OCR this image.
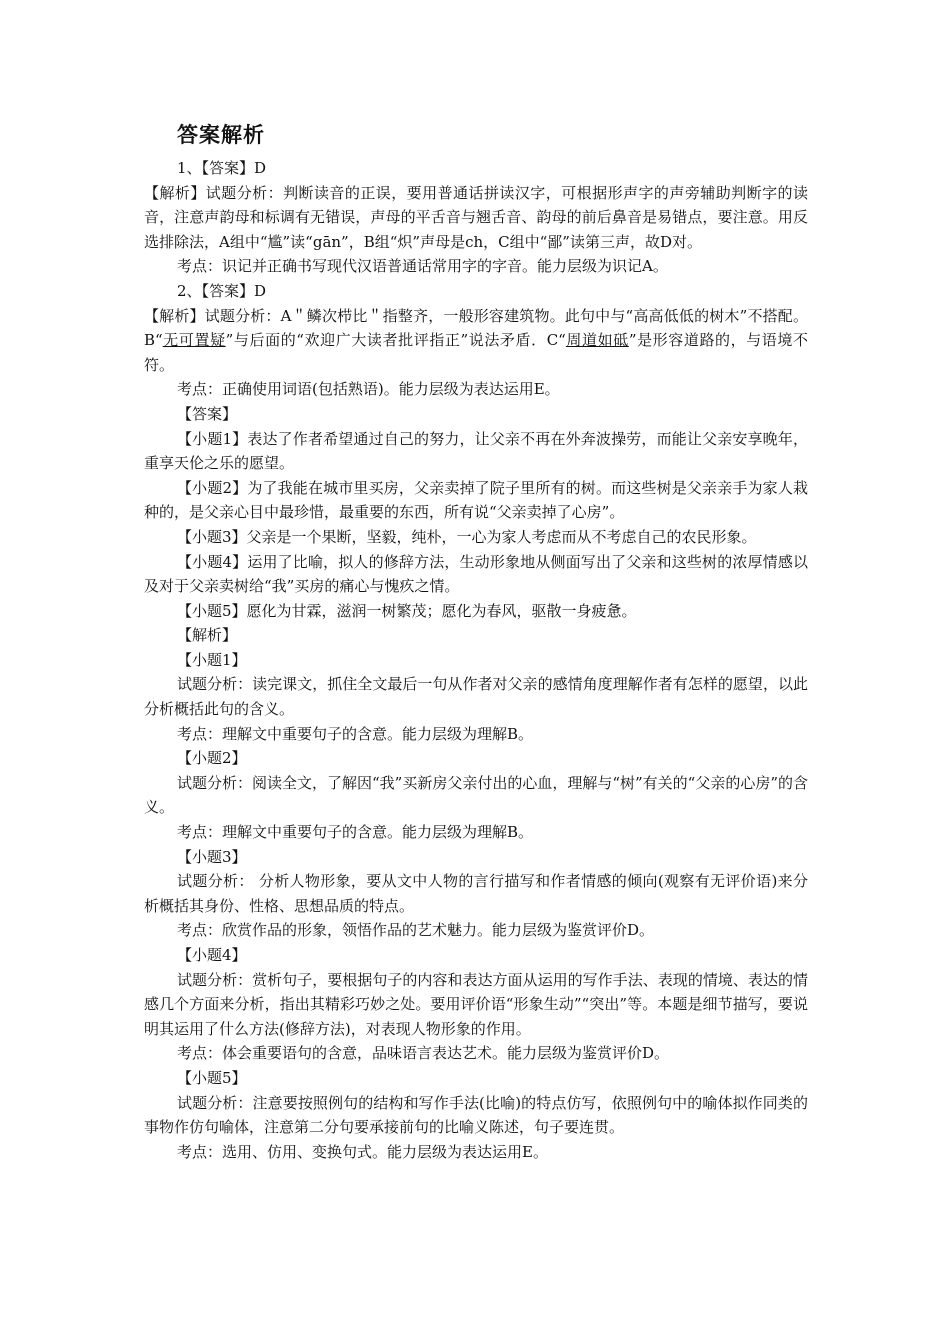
答案解析

1、【答案】D

【解析】试题分析：判断读音的正误，要用普通话拼读汉字，可根据形声字的声旁辅助判断字的读音，注意声韵母和标调有无错误，声母的平舌音与翘舌音、韵母的前后鼻音是易错点，要注意。用反选排除法，A组中“尴”读“gān”，B组“炽”声母是ch，C组中“鄙”读第三声，故D对。

考点：识记并正确书写现代汉语普通话常用字的字音。能力层级为识记A。

2、【答案】D

【解析】试题分析：A＂鳞次栉比＂指整齐，一般形容建筑物。此句中与“高高低低的树木”不搭配。B“无可置疑”与后面的“欢迎广大读者批评指正”说法矛盾．C“周道如砥”是形容道路的，与语境不符。

考点：正确使用词语(包括熟语)。能力层级为表达运用E。

【答案】

【小题1】表达了作者希望通过自己的努力，让父亲不再在外奔波操劳，而能让父亲安享晚年，重享天伦之乐的愿望。

【小题2】为了我能在城市里买房，父亲卖掉了院子里所有的树。而这些树是父亲亲手为家人栽种的，是父亲心目中最珍惜，最重要的东西，所有说“父亲卖掉了心房”。

【小题3】父亲是一个果断，坚毅，纯朴，一心为家人考虑而从不考虑自己的农民形象。

【小题4】运用了比喻，拟人的修辞方法，生动形象地从侧面写出了父亲和这些树的浓厚情感以及对于父亲卖树给“我”买房的痛心与愧疚之情。

【小题5】愿化为甘霖，滋润一树繁茂；愿化为春风，驱散一身疲惫。

【解析】

【小题1】

试题分析：读完课文，抓住全文最后一句从作者对父亲的感情角度理解作者有怎样的愿望，以此分析概括此句的含义。

考点：理解文中重要句子的含意。能力层级为理解B。

【小题2】

试题分析：阅读全文，了解因“我”买新房父亲付出的心血，理解与“树”有关的“父亲的心房”的含义。

考点：理解文中重要句子的含意。能力层级为理解B。

【小题3】

试题分析： 分析人物形象，要从文中人物的言行描写和作者情感的倾向(观察有无评价语)来分析概括其身份、性格、思想品质的特点。

考点：欣赏作品的形象，领悟作品的艺术魅力。能力层级为鉴赏评价D。

【小题4】

试题分析：赏析句子，要根据句子的内容和表达方面从运用的写作手法、表现的情境、表达的情感几个方面来分析，指出其精彩巧妙之处。要用评价语“形象生动”“突出”等。本题是细节描写，要说明其运用了什么方法(修辞方法)，对表现人物形象的作用。

考点：体会重要语句的含意，品味语言表达艺术。能力层级为鉴赏评价D。

【小题5】

试题分析：注意要按照例句的结构和写作手法(比喻)的特点仿写，依照例句中的喻体拟作同类的事物作仿句喻体，注意第二分句要承接前句的比喻义陈述，句子要连贯。

考点：选用、仿用、变换句式。能力层级为表达运用E。
